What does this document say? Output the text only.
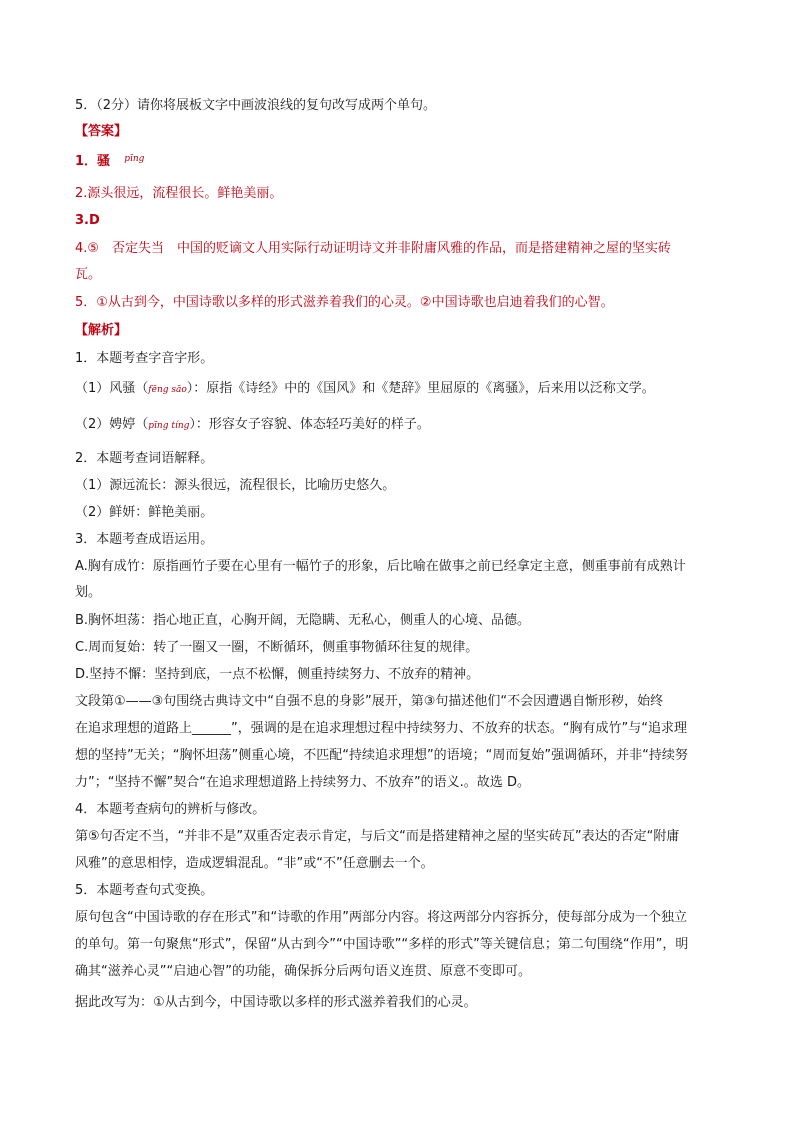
5．（2分）请你将展板文字中画波浪线的复句改写成两个单句。
【答案】
1．骚 $^{pīng}$
2.源头很远，流程很长。鲜艳美丽。
3.D
4.⑤　否定失当　中国的贬谪文人用实际行动证明诗文并非附庸风雅的作品，而是搭建精神之屋的坚实砖
瓦。
5．①从古到今，中国诗歌以多样的形式滋养着我们的心灵。②中国诗歌也启迪着我们的心智。
【解析】
1．本题考查字音字形。
（1）风骚（fēng sāo）：原指《诗经》中的《国风》和《楚辞》里屈原的《离骚》，后来用以泛称文学。
（2）娉婷（pīng tíng）：形容女子容貌、体态轻巧美好的样子。
2．本题考查词语解释。
（1）源远流长：源头很远，流程很长，比喻历史悠久。
（2）鲜妍：鲜艳美丽。
3．本题考查成语运用。
A.胸有成竹：原指画竹子要在心里有一幅竹子的形象，后比喻在做事之前已经拿定主意，侧重事前有成熟计
划。
B.胸怀坦荡：指心地正直，心胸开阔，无隐瞒、无私心，侧重人的心境、品德。
C.周而复始：转了一圈又一圈，不断循环，侧重事物循环往复的规律。
D.坚持不懈：坚持到底，一点不松懈，侧重持续努力、不放弃的精神。
文段第①——③句围绕古典诗文中“自强不息的身影”展开，第③句描述他们“不会因遭遇自惭形秽，始终
在追求理想的道路上______”，强调的是在追求理想过程中持续努力、不放弃的状态。“胸有成竹”与“追求理
想的坚持”无关；“胸怀坦荡”侧重心境，不匹配“持续追求理想”的语境；“周而复始”强调循环，并非“持续努
力”；“坚持不懈”契合“在追求理想道路上持续努力、不放弃”的语义.。故选 D。
4．本题考查病句的辨析与修改。
第⑤句否定不当，“并非不是”双重否定表示肯定，与后文“而是搭建精神之屋的坚实砖瓦”表达的否定“附庸
风雅”的意思相悖，造成逻辑混乱。“非”或“不”任意删去一个。
5．本题考查句式变换。
原句包含“中国诗歌的存在形式”和“诗歌的作用”两部分内容。将这两部分内容拆分，使每部分成为一个独立
的单句。第一句聚焦“形式”，保留“从古到今”“中国诗歌”“多样的形式”等关键信息；第二句围绕“作用”，明
确其“滋养心灵”“启迪心智”的功能，确保拆分后两句语义连贯、原意不变即可。
据此改写为：①从古到今，中国诗歌以多样的形式滋养着我们的心灵。
